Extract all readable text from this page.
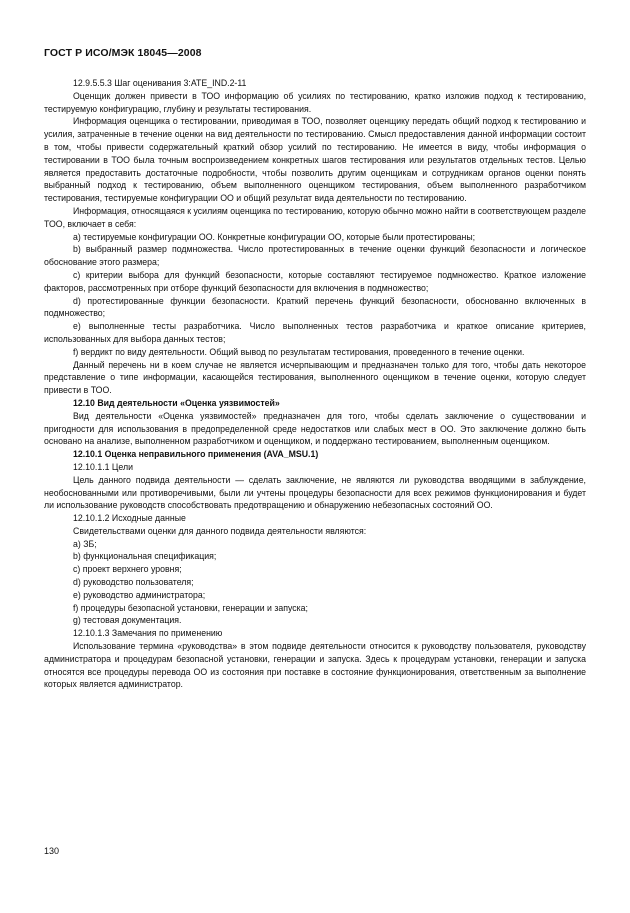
ГОСТ Р ИСО/МЭК 18045—2008

12.9.5.5.3 Шаг оценивания 3:ATE_IND.2-11

Оценщик должен привести в ТОО информацию об усилиях по тестированию, кратко изложив подход к тестированию, тестируемую конфигурацию, глубину и результаты тестирования.

Информация оценщика о тестировании, приводимая в ТОО, позволяет оценщику передать общий подход к тестированию и усилия, затраченные в течение оценки на вид деятельности по тестированию. Смысл предоставления данной информации состоит в том, чтобы привести содержательный краткий обзор усилий по тестированию. Не имеется в виду, чтобы информация о тестировании в ТОО была точным воспроизведением конкретных шагов тестирования или результатов отдельных тестов. Целью является предоставить достаточные подробности, чтобы позволить другим оценщикам и сотрудникам органов оценки понять выбранный подход к тестированию, объем выполненного оценщиком тестирования, объем выполненного разработчиком тестирования, тестируемые конфигурации ОО и общий результат вида деятельности по тестированию.

Информация, относящаяся к усилиям оценщика по тестированию, которую обычно можно найти в соответствующем разделе ТОО, включает в себя:

a) тестируемые конфигурации ОО. Конкретные конфигурации ОО, которые были протестированы;

b) выбранный размер подмножества. Число протестированных в течение оценки функций безопасности и логическое обоснование этого размера;

c) критерии выбора для функций безопасности, которые составляют тестируемое подмножество. Краткое изложение факторов, рассмотренных при отборе функций безопасности для включения в подмножество;

d) протестированные функции безопасности. Краткий перечень функций безопасности, обоснованно включенных в подмножество;

e) выполненные тесты разработчика. Число выполненных тестов разработчика и краткое описание критериев, использованных для выбора данных тестов;

f) вердикт по виду деятельности. Общий вывод по результатам тестирования, проведенного в течение оценки.

Данный перечень ни в коем случае не является исчерпывающим и предназначен только для того, чтобы дать некоторое представление о типе информации, касающейся тестирования, выполненного оценщиком в течение оценки, которую следует привести в ТОО.

12.10 Вид деятельности «Оценка уязвимостей»

Вид деятельности «Оценка уязвимостей» предназначен для того, чтобы сделать заключение о существовании и пригодности для использования в предопределенной среде недостатков или слабых мест в ОО. Это заключение должно быть основано на анализе, выполненном разработчиком и оценщиком, и поддержано тестированием, выполненным оценщиком.

12.10.1 Оценка неправильного применения (AVA_MSU.1)

12.10.1.1 Цели

Цель данного подвида деятельности — сделать заключение, не являются ли руководства вводящими в заблуждение, необоснованными или противоречивыми, были ли учтены процедуры безопасности для всех режимов функционирования и будет ли использование руководств способствовать предотвращению и обнаружению небезопасных состояний ОО.

12.10.1.2 Исходные данные

Свидетельствами оценки для данного подвида деятельности являются:

a) ЗБ;

b) функциональная спецификация;

c) проект верхнего уровня;

d) руководство пользователя;

e) руководство администратора;

f) процедуры безопасной установки, генерации и запуска;

g) тестовая документация.

12.10.1.3 Замечания по применению

Использование термина «руководства» в этом подвиде деятельности относится к руководству пользователя, руководству администратора и процедурам безопасной установки, генерации и запуска. Здесь к процедурам установки, генерации и запуска относятся все процедуры перевода ОО из состояния при поставке в состояние функционирования, ответственным за выполнение которых является администратор.

130
